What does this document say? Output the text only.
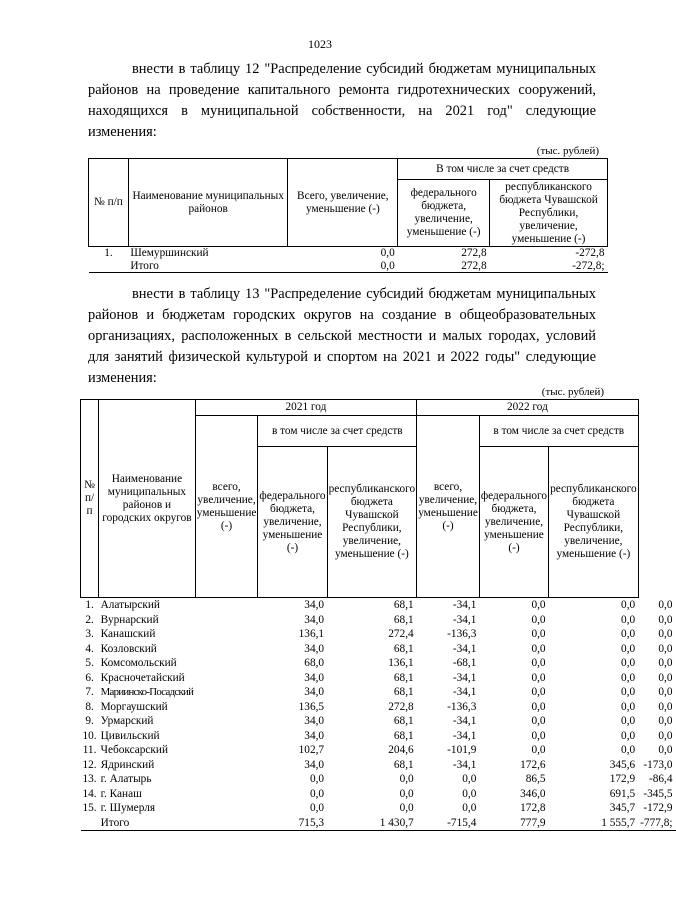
1023

внести в таблицу 12 "Распределение субсидий бюджетам муниципальных районов на проведение капитального ремонта гидротехнических сооружений, находящихся в муниципальной собственности, на 2021 год" следующие изменения:

(тыс. рублей)
№ п/п	Наименование муниципальных районов	Всего, увеличение, уменьшение (-)	В том числе за счет средств	
			федерального бюджета, увеличение, уменьшение (-)	республиканского бюджета Чувашской Республики, увеличение, уменьшение (-)
1.	Шемуршинский	0,0	272,8	-272,8
	Итого	0,0	272,8	-272,8;

внести в таблицу 13 "Распределение субсидий бюджетам муниципальных районов и бюджетам городских округов на создание в общеобразовательных организациях, расположенных в сельской местности и малых городах, условий для занятий физической культурой и спортом на 2021 и 2022 годы" следующие изменения:

(тыс. рублей)
№ п/п	Наименование муниципальных районов и городских округов	2021 год			2022 год			
		всего, увеличение, уменьшение (-)	в том числе за счет средств		всего, увеличение, уменьшение (-)	в том числе за счет средств		
			федерального бюджета, увеличение, уменьшение (-)	республиканского бюджета Чувашской Республики, увеличение, уменьшение (-)		федерального бюджета, увеличение, уменьшение (-)	республиканского бюджета Чувашской Республики, увеличение, уменьшение (-)	
1.	Алатырский	34,0		68,1	-34,1	0,0	0,0	0,0
2.	Вурнарский	34,0		68,1	-34,1	0,0	0,0	0,0
3.	Канашский	136,1		272,4	-136,3	0,0	0,0	0,0
4.	Козловский	34,0		68,1	-34,1	0,0	0,0	0,0
5.	Комсомольский	68,0		136,1	-68,1	0,0	0,0	0,0
6.	Красночетайский	34,0		68,1	-34,1	0,0	0,0	0,0
7.	Мариинско-Посадский	34,0		68,1	-34,1	0,0	0,0	0,0
8.	Моргаушский	136,5		272,8	-136,3	0,0	0,0	0,0
9.	Урмарский	34,0		68,1	-34,1	0,0	0,0	0,0
10.	Цивильский	34,0		68,1	-34,1	0,0	0,0	0,0
11.	Чебоксарский	102,7		204,6	-101,9	0,0	0,0	0,0
12.	Ядринский	34,0		68,1	-34,1	172,6	345,6	-173,0
13.	г. Алатырь	0,0		0,0	0,0	86,5	172,9	-86,4
14.	г. Канаш	0,0		0,0	0,0	346,0	691,5	-345,5
15.	г. Шумерля	0,0		0,0	0,0	172,8	345,7	-172,9
	Итого	715,3		1 430,7	-715,4	777,9	1 555,7	-777,8;
